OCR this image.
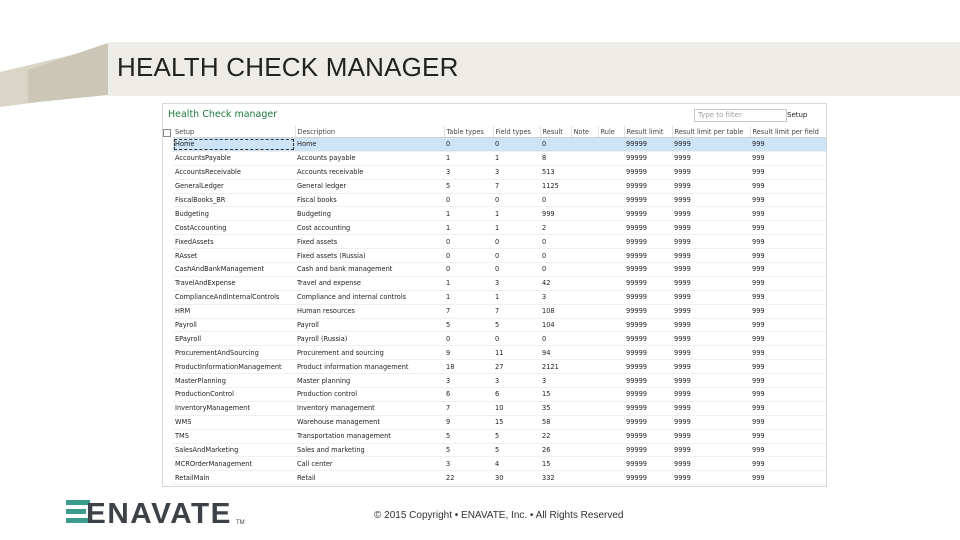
HEALTH CHECK MANAGER
Health Check manager	Type to filter	Setup
Setup	Description	Table types	Field types	Result	Note	Rule	Result limit	Result limit per table	Result limit per field
Home	Home	0	0	0			99999	9999	999
AccountsPayable	Accounts payable	1	1	8			99999	9999	999
AccountsReceivable	Accounts receivable	3	3	513			99999	9999	999
GeneralLedger	General ledger	5	7	1125			99999	9999	999
FiscalBooks_BR	Fiscal books	0	0	0			99999	9999	999
Budgeting	Budgeting	1	1	999			99999	9999	999
CostAccounting	Cost accounting	1	1	2			99999	9999	999
FixedAssets	Fixed assets	0	0	0			99999	9999	999
RAsset	Fixed assets (Russia)	0	0	0			99999	9999	999
CashAndBankManagement	Cash and bank management	0	0	0			99999	9999	999
TravelAndExpense	Travel and expense	1	3	42			99999	9999	999
ComplianceAndInternalControls	Compliance and internal controls	1	1	3			99999	9999	999
HRM	Human resources	7	7	108			99999	9999	999
Payroll	Payroll	5	5	104			99999	9999	999
EPayroll	Payroll (Russia)	0	0	0			99999	9999	999
ProcurementAndSourcing	Procurement and sourcing	9	11	94			99999	9999	999
ProductInformationManagement	Product information management	18	27	2121			99999	9999	999
MasterPlanning	Master planning	3	3	3			99999	9999	999
ProductionControl	Production control	6	6	15			99999	9999	999
InventoryManagement	Inventory management	7	10	35			99999	9999	999
WMS	Warehouse management	9	15	58			99999	9999	999
TMS	Transportation management	5	5	22			99999	9999	999
SalesAndMarketing	Sales and marketing	5	5	26			99999	9999	999
MCROrderManagement	Call center	3	4	15			99999	9999	999
RetailMain	Retail	22	30	332			99999	9999	999

ENAVATE TM
© 2015 Copyright • ENAVATE, Inc. • All Rights Reserved
